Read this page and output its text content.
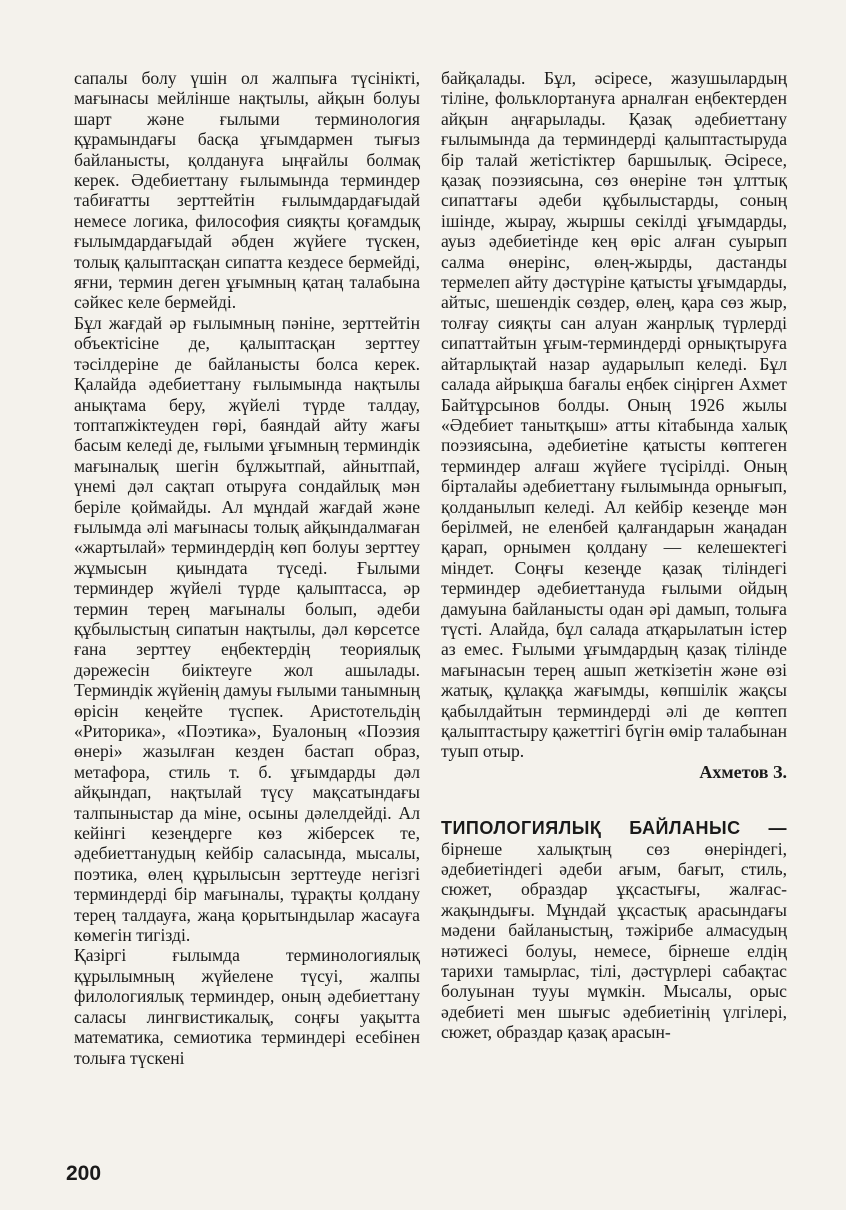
сапалы болу үшін ол жалпыға түсінікті, мағынасы мейлінше нақтылы, айқын болуы шарт және ғылыми терминология құрамындағы басқа ұғымдармен тығыз байланысты, қолдануға ыңғайлы болмақ керек. Әдебиеттану ғылымында терминдер табиғатты зерттейтін ғылымдардағыдай немесе логика, философия сияқты қоғамдық ғылымдардағыдай әбден жүйеге түскен, толық қалыптасқан сипатта кездесе бермейді, яғни, термин деген ұғымның қатаң талабына сәйкес келе бермейді.

Бұл жағдай әр ғылымның пәніне, зерттейтін объектісіне де, қалыптасқан зерттеу тәсілдеріне де байланысты болса керек. Қалайда әдебиеттану ғылымында нақтылы анықтама беру, жүйелі түрде талдау, топтапжіктеуден гөрі, баяндай айту жағы басым келеді де, ғылыми ұғымның терминдік мағыналық шегін бұлжытпай, айнытпай, үнемі дәл сақтап отыруға сондайлық мән беріле қоймайды. Ал мұндай жағдай және ғылымда әлі мағынасы толық айқындалмаған «жартылай» терминдердің көп болуы зерттеу жұмысын қиындата түседі. Ғылыми терминдер жүйелі түрде қалыптасса, әр термин терең мағыналы болып, әдеби құбылыстың сипатын нақтылы, дәл көрсетсе ғана зерттеу еңбектердің теориялық дәрежесін биіктеуге жол ашылады. Терминдік жүйенің дамуы ғылыми танымның өрісін кеңейте түспек. Аристотельдің «Риторика», «Поэтика», Буалоның «Поэзия өнері» жазылған кезден бастап образ, метафора, стиль т. б. ұғымдарды дәл айқындап, нақтылай түсу мақсатындағы талпыныстар да міне, осыны дәлелдейді. Ал кейінгі кезеңдерге көз жіберсек те, әдебиеттанудың кейбір саласында, мысалы, поэтика, өлең құрылысын зерттеуде негізгі терминдерді бір мағыналы, тұрақты қолдану терең талдауға, жаңа қорытындылар жасауға көмегін тигізді.

Қазіргі ғылымда терминологиялық құрылымның жүйелене түсуі, жалпы филологиялық терминдер, оның әдебиеттану саласы лингвистикалық, соңғы уақытта математика, семиотика терминдері есебінен толыға түскені

байқалады. Бұл, әсіресе, жазушылардың тіліне, фольклортануға арналған еңбектерден айқын аңғарылады. Қазақ әдебиеттану ғылымында да терминдерді қалыптастыруда бір талай жетістіктер баршылық. Әсіресе, қазақ поэзиясына, сөз өнеріне тән ұлттық сипаттағы әдеби құбылыстарды, соның ішінде, жырау, жыршы секілді ұғымдарды, ауыз әдебиетінде кең өріс алған суырып салма өнерінс, өлең-жырды, дастанды термелеп айту дәстүріне қатысты ұғымдарды, айтыс, шешендік сөздер, өлең, қара сөз жыр, толғау сияқты сан алуан жанрлық түрлерді сипаттайтын ұғым-терминдерді орнықтыруға айтарлықтай назар аударылып келеді. Бұл салада айрықша бағалы еңбек сіңірген Ахмет Байтұрсынов болды. Оның 1926 жылы «Әдебиет танытқыш» атты кітабында халық поэзиясына, әдебиетіне қатысты көптеген терминдер алғаш жүйеге түсірілді. Оның бірталайы әдебиеттану ғылымында орнығып, қолданылып келеді. Ал кейбір кезеңде мән берілмей, не еленбей қалғандарын жаңадан қарап, орнымен қолдану — келешектегі міндет. Соңғы кезеңде қазақ тіліндегі терминдер әдебиеттануда ғылыми ойдың дамуына байланысты одан әрі дамып, толыға түсті. Алайда, бұл салада атқарылатын істер аз емес. Ғылыми ұғымдардың қазақ тілінде мағынасын терең ашып жеткізетін және өзі жатық, құлаққа жағымды, көпшілік жақсы қабылдайтын терминдерді әлі де көптеп қалыптастыру қажеттігі бүгін өмір талабынан туып отыр.

Ахметов З.

ТИПОЛОГИЯЛЫҚ БАЙЛАНЫС — бірнеше халықтың сөз өнеріндегі, әдебиетіндегі әдеби ағым, бағыт, стиль, сюжет, образдар ұқсастығы, жалғас-жақындығы. Мұндай ұқсастық арасындағы мәдени байланыстың, тәжірибе алмасудың нәтижесі болуы, немесе, бірнеше елдің тарихи тамырлас, тілі, дәстүрлері сабақтас болуынан тууы мүмкін. Мысалы, орыс әдебиеті мен шығыс әдебиетінің үлгілері, сюжет, образдар қазақ арасын-

200
